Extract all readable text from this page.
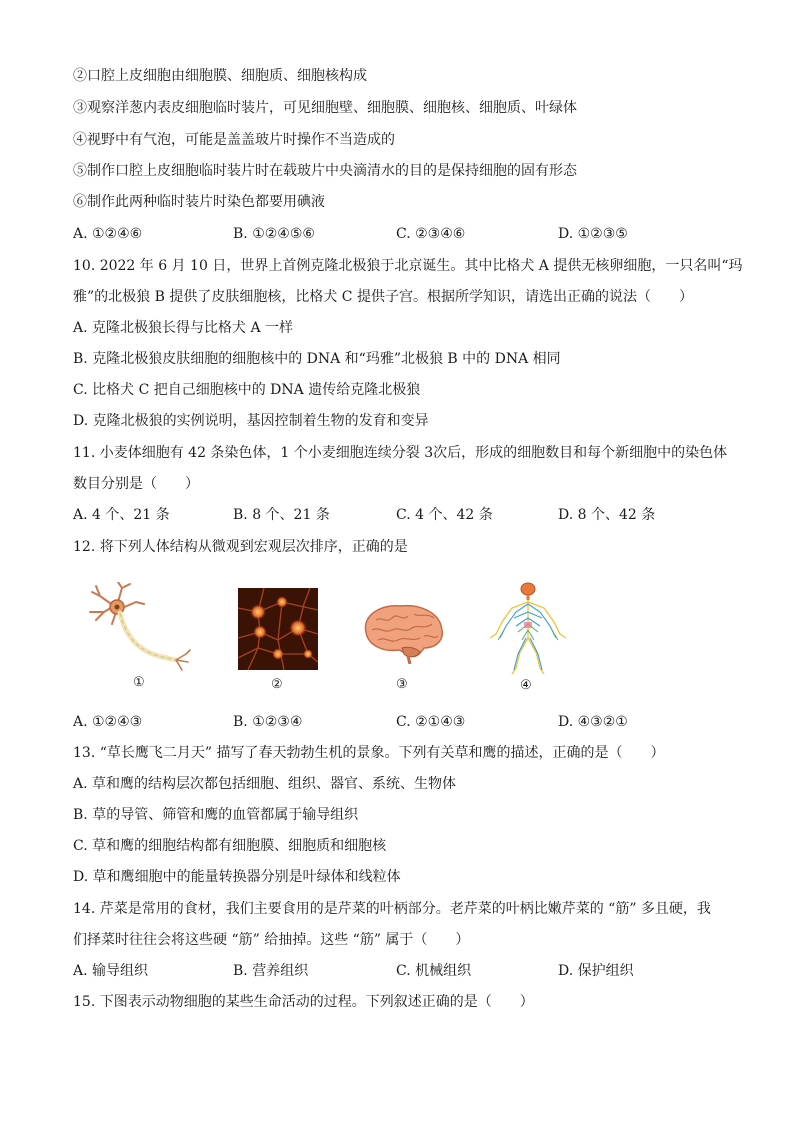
②口腔上皮细胞由细胞膜、细胞质、细胞核构成
③观察洋葱内表皮细胞临时装片，可见细胞壁、细胞膜、细胞核、细胞质、叶绿体
④视野中有气泡，可能是盖盖玻片时操作不当造成的
⑤制作口腔上皮细胞临时装片时在载玻片中央滴清水的目的是保持细胞的固有形态
⑥制作此两种临时装片时染色都要用碘液
A. ①②④⑥	B. ①②④⑤⑥	C. ②③④⑥	D. ①②③⑤
10. 2022 年 6 月 10 日，世界上首例克隆北极狼于北京诞生。其中比格犬 A 提供无核卵细胞，一只名叫“玛
雅”的北极狼 B 提供了皮肤细胞核，比格犬 C 提供子宫。根据所学知识，请选出正确的说法（　　）
A. 克隆北极狼长得与比格犬 A 一样
B. 克隆北极狼皮肤细胞的细胞核中的 DNA 和“玛雅”北极狼 B 中的 DNA 相同
C. 比格犬 C 把自己细胞核中的 DNA 遗传给克隆北极狼
D. 克隆北极狼的实例说明，基因控制着生物的发育和变异
11. 小麦体细胞有 42 条染色体，1 个小麦细胞连续分裂 3次后，形成的细胞数目和每个新细胞中的染色体
数目分别是（　　）
A. 4 个、21 条	B. 8 个、21 条	C. 4 个、42 条	D. 8 个、42 条
12. 将下列人体结构从微观到宏观层次排序，正确的是
①	②	③	④
A. ①②④③	B. ①②③④	C. ②①④③	D. ④③②①
13. “草长鹰飞二月天” 描写了春天勃勃生机的景象。下列有关草和鹰的描述，正确的是（　　）
A. 草和鹰的结构层次都包括细胞、组织、器官、系统、生物体
B. 草的导管、筛管和鹰的血管都属于输导组织
C. 草和鹰的细胞结构都有细胞膜、细胞质和细胞核
D. 草和鹰细胞中的能量转换器分别是叶绿体和线粒体
14. 芹菜是常用的食材，我们主要食用的是芹菜的叶柄部分。老芹菜的叶柄比嫩芹菜的 “筋” 多且硬，我
们择菜时往往会将这些硬 “筋” 给抽掉。这些 “筋” 属于（　　）
A. 输导组织	B. 营养组织	C. 机械组织	D. 保护组织
15. 下图表示动物细胞的某些生命活动的过程。下列叙述正确的是（　　）
